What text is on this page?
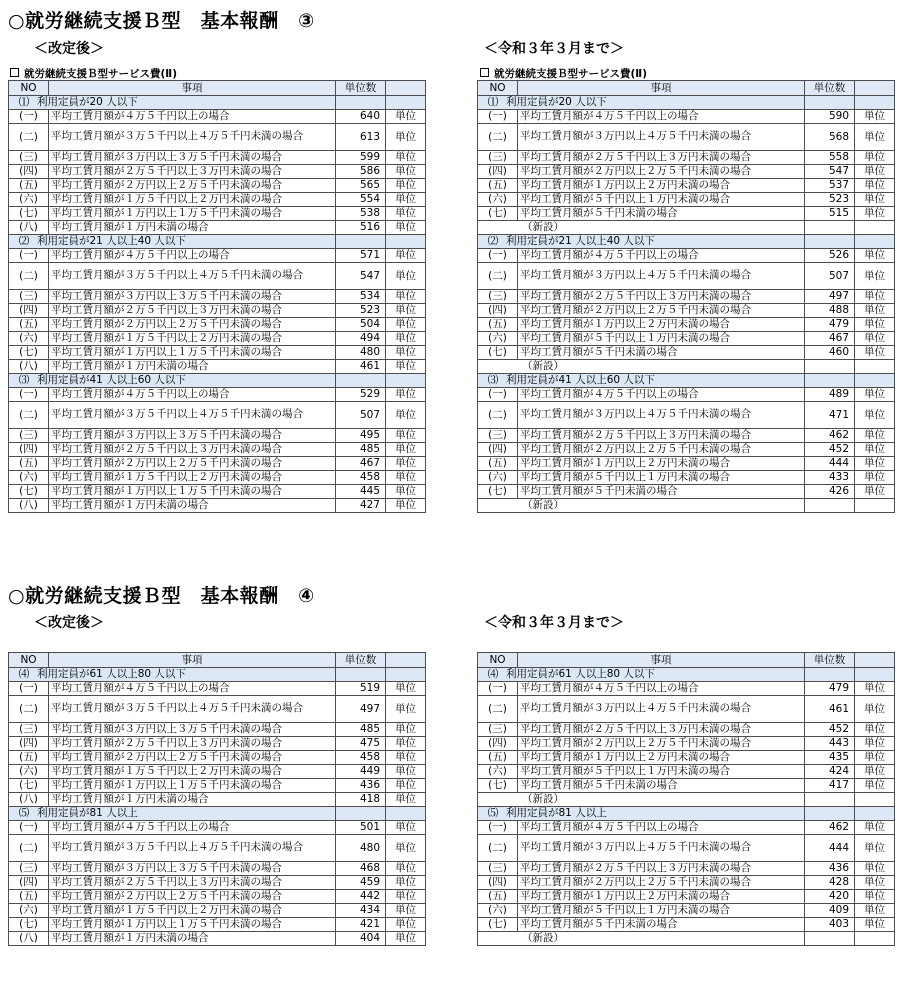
○就労継続支援Ｂ型　基本報酬　③
＜改定後＞	＜令和３年３月まで＞
就労継続支援Ｂ型サービス費(Ⅱ)	就労継続支援Ｂ型サービス費(Ⅱ)
NO	事項	単位数	
⑴ 利用定員が20 人以下			
(一)	平均工賃月額が４万５千円以上の場合	640	単位
(二)	平均工賃月額が３万５千円以上４万５千円未満の場合	613	単位
(三)	平均工賃月額が３万円以上３万５千円未満の場合	599	単位
(四)	平均工賃月額が２万５千円以上３万円未満の場合	586	単位
(五)	平均工賃月額が２万円以上２万５千円未満の場合	565	単位
(六)	平均工賃月額が１万５千円以上２万円未満の場合	554	単位
(七)	平均工賃月額が１万円以上１万５千円未満の場合	538	単位
(八)	平均工賃月額が１万円未満の場合	516	単位
⑵ 利用定員が21 人以上40 人以下			
(一)	平均工賃月額が４万５千円以上の場合	571	単位
(二)	平均工賃月額が３万５千円以上４万５千円未満の場合	547	単位
(三)	平均工賃月額が３万円以上３万５千円未満の場合	534	単位
(四)	平均工賃月額が２万５千円以上３万円未満の場合	523	単位
(五)	平均工賃月額が２万円以上２万５千円未満の場合	504	単位
(六)	平均工賃月額が１万５千円以上２万円未満の場合	494	単位
(七)	平均工賃月額が１万円以上１万５千円未満の場合	480	単位
(八)	平均工賃月額が１万円未満の場合	461	単位
⑶ 利用定員が41 人以上60 人以下			
(一)	平均工賃月額が４万５千円以上の場合	529	単位
(二)	平均工賃月額が３万５千円以上４万５千円未満の場合	507	単位
(三)	平均工賃月額が３万円以上３万５千円未満の場合	495	単位
(四)	平均工賃月額が２万５千円以上３万円未満の場合	485	単位
(五)	平均工賃月額が２万円以上２万５千円未満の場合	467	単位
(六)	平均工賃月額が１万５千円以上２万円未満の場合	458	単位
(七)	平均工賃月額が１万円以上１万５千円未満の場合	445	単位
(八)	平均工賃月額が１万円未満の場合	427	単位
NO	事項	単位数	
⑴ 利用定員が20 人以下			
(一)	平均工賃月額が４万５千円以上の場合	590	単位
(二)	平均工賃月額が３万円以上４万５千円未満の場合	568	単位
(三)	平均工賃月額が２万５千円以上３万円未満の場合	558	単位
(四)	平均工賃月額が２万円以上２万５千円未満の場合	547	単位
(五)	平均工賃月額が１万円以上２万円未満の場合	537	単位
(六)	平均工賃月額が５千円以上１万円未満の場合	523	単位
(七)	平均工賃月額が５千円未満の場合	515	単位
（新設）			
⑵ 利用定員が21 人以上40 人以下			
(一)	平均工賃月額が４万５千円以上の場合	526	単位
(二)	平均工賃月額が３万円以上４万５千円未満の場合	507	単位
(三)	平均工賃月額が２万５千円以上３万円未満の場合	497	単位
(四)	平均工賃月額が２万円以上２万５千円未満の場合	488	単位
(五)	平均工賃月額が１万円以上２万円未満の場合	479	単位
(六)	平均工賃月額が５千円以上１万円未満の場合	467	単位
(七)	平均工賃月額が５千円未満の場合	460	単位
（新設）			
⑶ 利用定員が41 人以上60 人以下			
(一)	平均工賃月額が４万５千円以上の場合	489	単位
(二)	平均工賃月額が３万円以上４万５千円未満の場合	471	単位
(三)	平均工賃月額が２万５千円以上３万円未満の場合	462	単位
(四)	平均工賃月額が２万円以上２万５千円未満の場合	452	単位
(五)	平均工賃月額が１万円以上２万円未満の場合	444	単位
(六)	平均工賃月額が５千円以上１万円未満の場合	433	単位
(七)	平均工賃月額が５千円未満の場合	426	単位
（新設）			
○就労継続支援Ｂ型　基本報酬　④
＜改定後＞	＜令和３年３月まで＞
NO	事項	単位数	
⑷ 利用定員が61 人以上80 人以下			
(一)	平均工賃月額が４万５千円以上の場合	519	単位
(二)	平均工賃月額が３万５千円以上４万５千円未満の場合	497	単位
(三)	平均工賃月額が３万円以上３万５千円未満の場合	485	単位
(四)	平均工賃月額が２万５千円以上３万円未満の場合	475	単位
(五)	平均工賃月額が２万円以上２万５千円未満の場合	458	単位
(六)	平均工賃月額が１万５千円以上２万円未満の場合	449	単位
(七)	平均工賃月額が１万円以上１万５千円未満の場合	436	単位
(八)	平均工賃月額が１万円未満の場合	418	単位
⑸ 利用定員が81 人以上			
(一)	平均工賃月額が４万５千円以上の場合	501	単位
(二)	平均工賃月額が３万５千円以上４万５千円未満の場合	480	単位
(三)	平均工賃月額が３万円以上３万５千円未満の場合	468	単位
(四)	平均工賃月額が２万５千円以上３万円未満の場合	459	単位
(五)	平均工賃月額が２万円以上２万５千円未満の場合	442	単位
(六)	平均工賃月額が１万５千円以上２万円未満の場合	434	単位
(七)	平均工賃月額が１万円以上１万５千円未満の場合	421	単位
(八)	平均工賃月額が１万円未満の場合	404	単位
NO	事項	単位数	
⑷ 利用定員が61 人以上80 人以下			
(一)	平均工賃月額が４万５千円以上の場合	479	単位
(二)	平均工賃月額が３万円以上４万５千円未満の場合	461	単位
(三)	平均工賃月額が２万５千円以上３万円未満の場合	452	単位
(四)	平均工賃月額が２万円以上２万５千円未満の場合	443	単位
(五)	平均工賃月額が１万円以上２万円未満の場合	435	単位
(六)	平均工賃月額が５千円以上１万円未満の場合	424	単位
(七)	平均工賃月額が５千円未満の場合	417	単位
（新設）			
⑸ 利用定員が81 人以上			
(一)	平均工賃月額が４万５千円以上の場合	462	単位
(二)	平均工賃月額が３万円以上４万５千円未満の場合	444	単位
(三)	平均工賃月額が２万５千円以上３万円未満の場合	436	単位
(四)	平均工賃月額が２万円以上２万５千円未満の場合	428	単位
(五)	平均工賃月額が１万円以上２万円未満の場合	420	単位
(六)	平均工賃月額が５千円以上１万円未満の場合	409	単位
(七)	平均工賃月額が５千円未満の場合	403	単位
（新設）			
